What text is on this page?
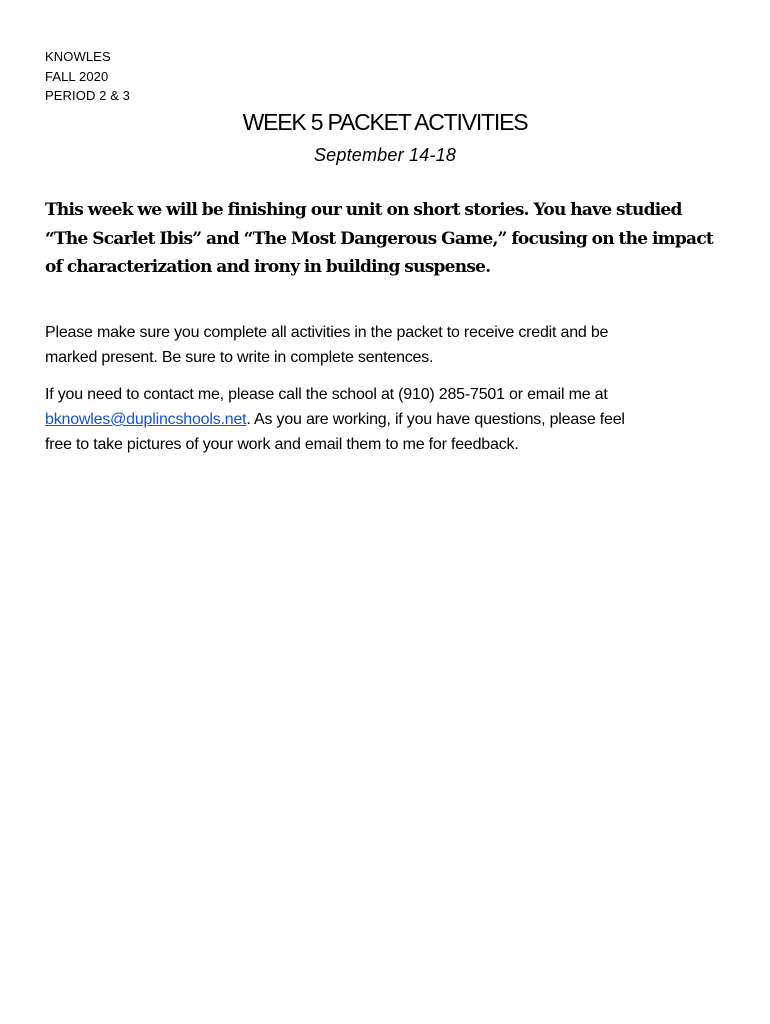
KNOWLES
FALL 2020
PERIOD 2 & 3
WEEK 5 PACKET ACTIVITIES
September 14-18
This week we will be finishing our unit on short stories. You have studied
“The Scarlet Ibis” and “The Most Dangerous Game,” focusing on the impact
of characterization and irony in building suspense.
Please make sure you complete all activities in the packet to receive credit and be
marked present. Be sure to write in complete sentences.
If you need to contact me, please call the school at (910) 285-7501 or email me at
bknowles@duplincshools.net. As you are working, if you have questions, please feel
free to take pictures of your work and email them to me for feedback.
